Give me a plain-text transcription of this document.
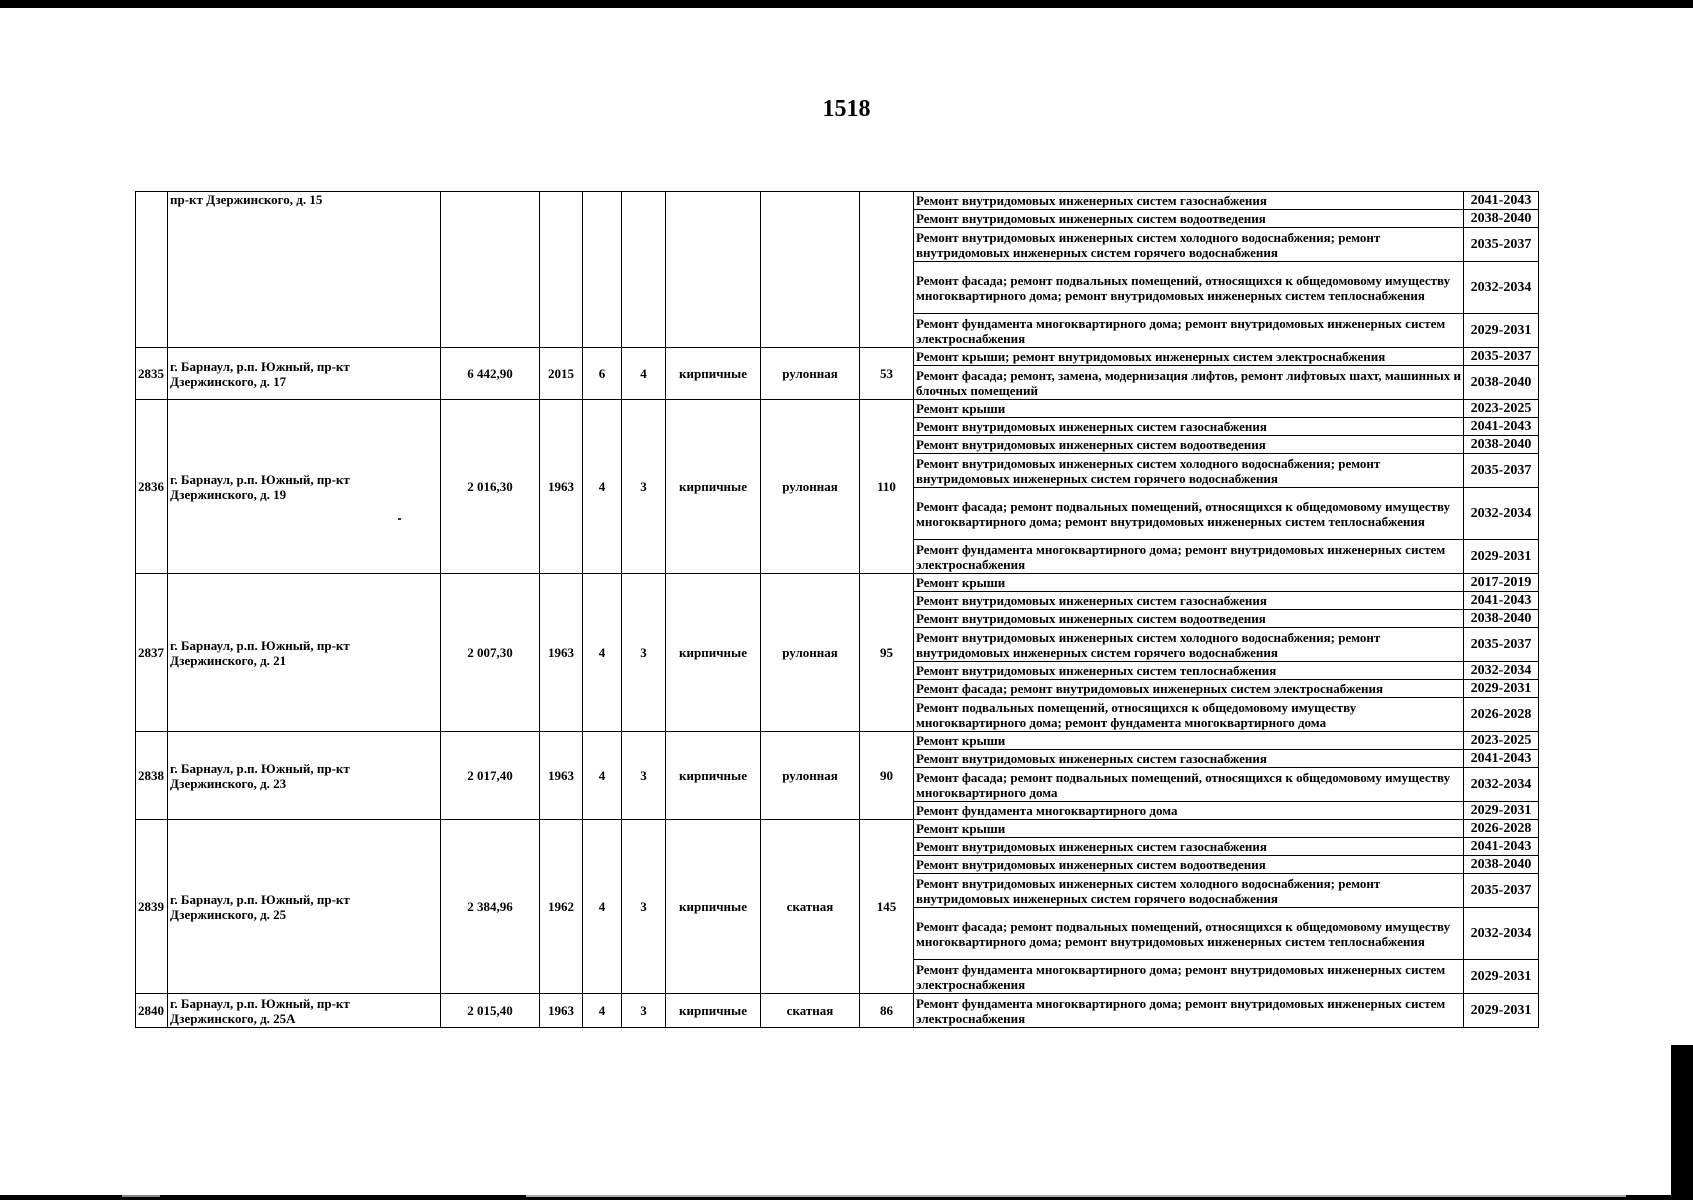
1518
	пр-кт Дзержинского, д. 15								Ремонт внутридомовых инженерных систем газоснабжения	2041-2043
									Ремонт внутридомовых инженерных систем водоотведения	2038-2040
									Ремонт внутридомовых инженерных систем холодного водоснабжения; ремонт внутридомовых инженерных систем горячего водоснабжения	2035-2037
									Ремонт фасада; ремонт подвальных помещений, относящихся к общедомовому имуществу многоквартирного дома; ремонт внутридомовых инженерных систем теплоснабжения	2032-2034
									Ремонт фундамента многоквартирного дома; ремонт внутридомовых инженерных систем электроснабжения	2029-2031
2835	г. Барнаул, р.п. Южный, пр-кт Дзержинского, д. 17	6 442,90	2015	6	4	кирпичные	рулонная	53	Ремонт крыши; ремонт внутридомовых инженерных систем электроснабжения	2035-2037
									Ремонт фасада; ремонт, замена, модернизация лифтов, ремонт лифтовых шахт, машинных и блочных помещений	2038-2040
2836	г. Барнаул, р.п. Южный, пр-кт Дзержинского, д. 19	2 016,30	1963	4	3	кирпичные	рулонная	110	Ремонт крыши	2023-2025
									Ремонт внутридомовых инженерных систем газоснабжения	2041-2043
									Ремонт внутридомовых инженерных систем водоотведения	2038-2040
									Ремонт внутридомовых инженерных систем холодного водоснабжения; ремонт внутридомовых инженерных систем горячего водоснабжения	2035-2037
									Ремонт фасада; ремонт подвальных помещений, относящихся к общедомовому имуществу многоквартирного дома; ремонт внутридомовых инженерных систем теплоснабжения	2032-2034
									Ремонт фундамента многоквартирного дома; ремонт внутридомовых инженерных систем электроснабжения	2029-2031
2837	г. Барнаул, р.п. Южный, пр-кт Дзержинского, д. 21	2 007,30	1963	4	3	кирпичные	рулонная	95	Ремонт крыши	2017-2019
									Ремонт внутридомовых инженерных систем газоснабжения	2041-2043
									Ремонт внутридомовых инженерных систем водоотведения	2038-2040
									Ремонт внутридомовых инженерных систем холодного водоснабжения; ремонт внутридомовых инженерных систем горячего водоснабжения	2035-2037
									Ремонт внутридомовых инженерных систем теплоснабжения	2032-2034
									Ремонт фасада; ремонт внутридомовых инженерных систем электроснабжения	2029-2031
									Ремонт подвальных помещений, относящихся к общедомовому имуществу многоквартирного дома; ремонт фундамента многоквартирного дома	2026-2028
2838	г. Барнаул, р.п. Южный, пр-кт Дзержинского, д. 23	2 017,40	1963	4	3	кирпичные	рулонная	90	Ремонт крыши	2023-2025
									Ремонт внутридомовых инженерных систем газоснабжения	2041-2043
									Ремонт фасада; ремонт подвальных помещений, относящихся к общедомовому имуществу многоквартирного дома	2032-2034
									Ремонт фундамента многоквартирного дома	2029-2031
2839	г. Барнаул, р.п. Южный, пр-кт Дзержинского, д. 25	2 384,96	1962	4	3	кирпичные	скатная	145	Ремонт крыши	2026-2028
									Ремонт внутридомовых инженерных систем газоснабжения	2041-2043
									Ремонт внутридомовых инженерных систем водоотведения	2038-2040
									Ремонт внутридомовых инженерных систем холодного водоснабжения; ремонт внутридомовых инженерных систем горячего водоснабжения	2035-2037
									Ремонт фасада; ремонт подвальных помещений, относящихся к общедомовому имуществу многоквартирного дома; ремонт внутридомовых инженерных систем теплоснабжения	2032-2034
									Ремонт фундамента многоквартирного дома; ремонт внутридомовых инженерных систем электроснабжения	2029-2031
2840	г. Барнаул, р.п. Южный, пр-кт Дзержинского, д. 25А	2 015,40	1963	4	3	кирпичные	скатная	86	Ремонт фундамента многоквартирного дома; ремонт внутридомовых инженерных систем электроснабжения	2029-2031
